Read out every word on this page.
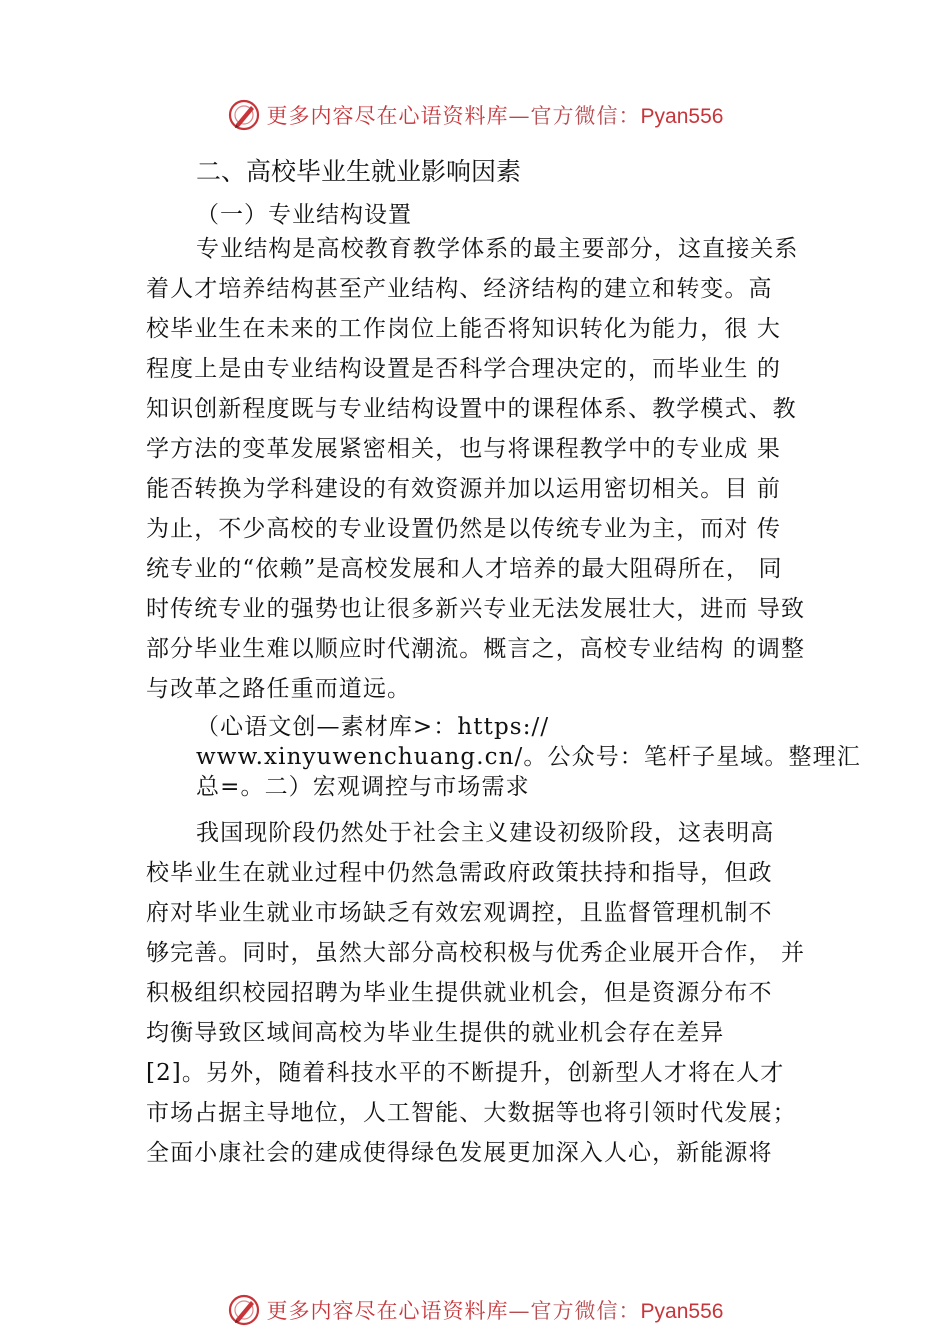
更多内容尽在心语资料库—官方微信：Pyan556
二、高校毕业生就业影响因素
（一）专业结构设置
专业结构是高校教育教学体系的最主要部分，这直接关系
着人才培养结构甚至产业结构、经济结构的建立和转变。高
校毕业生在未来的工作岗位上能否将知识转化为能力，很 大
程度上是由专业结构设置是否科学合理决定的，而毕业生 的
知识创新程度既与专业结构设置中的课程体系、教学模式、教
学方法的变革发展紧密相关，也与将课程教学中的专业成 果
能否转换为学科建设的有效资源并加以运用密切相关。目 前
为止，不少高校的专业设置仍然是以传统专业为主，而对 传
统专业的“依赖”是高校发展和人才培养的最大阻碍所在， 同
时传统专业的强势也让很多新兴专业无法发展壮大，进而 导致
部分毕业生难以顺应时代潮流。概言之，高校专业结构 的调整
与改革之路任重而道远。
（心语文创—素材库>：https://
www.xinyuwenchuang.cn/。公众号：笔杆子星域。整理汇
总=。二）宏观调控与市场需求
我国现阶段仍然处于社会主义建设初级阶段，这表明高
校毕业生在就业过程中仍然急需政府政策扶持和指导，但政
府对毕业生就业市场缺乏有效宏观调控，且监督管理机制不
够完善。同时，虽然大部分高校积极与优秀企业展开合作， 并
积极组织校园招聘为毕业生提供就业机会，但是资源分布不
均衡导致区域间高校为毕业生提供的就业机会存在差异
[2]。另外，随着科技水平的不断提升，创新型人才将在人才
市场占据主导地位，人工智能、大数据等也将引领时代发展；
全面小康社会的建成使得绿色发展更加深入人心，新能源将
更多内容尽在心语资料库—官方微信：Pyan556
